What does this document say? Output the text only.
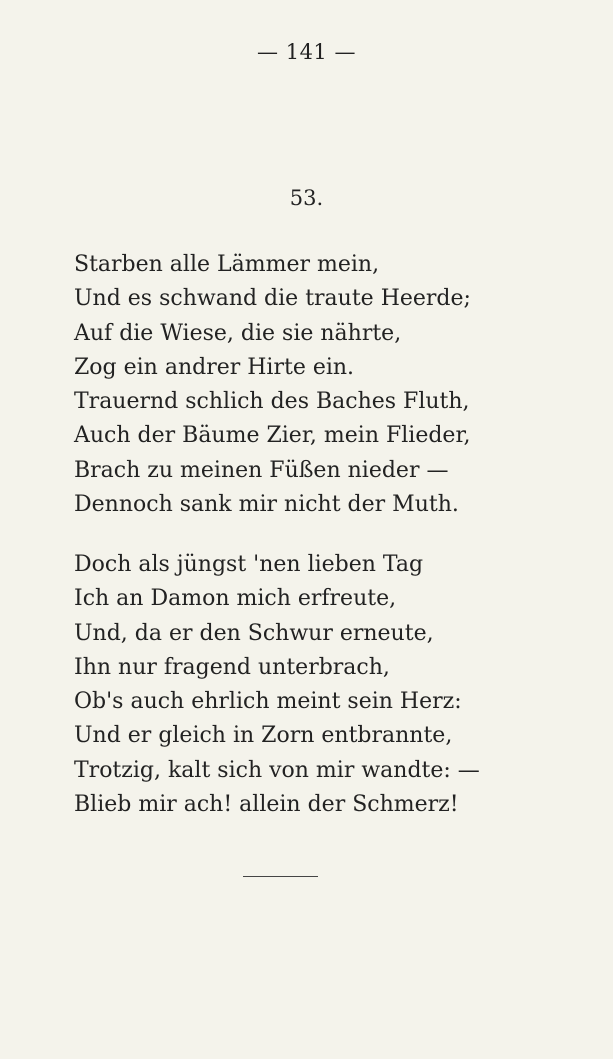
— 141 —
53.
Starben alle Lämmer mein,
Und es schwand die traute Heerde;
Auf die Wiese, die sie nährte,
Zog ein andrer Hirte ein.
Trauernd schlich des Baches Fluth,
Auch der Bäume Zier, mein Flieder,
Brach zu meinen Füßen nieder —
Dennoch sank mir nicht der Muth.
Doch als jüngst 'nen lieben Tag
Ich an Damon mich erfreute,
Und, da er den Schwur erneute,
Ihn nur fragend unterbrach,
Ob's auch ehrlich meint sein Herz:
Und er gleich in Zorn entbrannte,
Trotzig, kalt sich von mir wandte: —
Blieb mir ach! allein der Schmerz!
